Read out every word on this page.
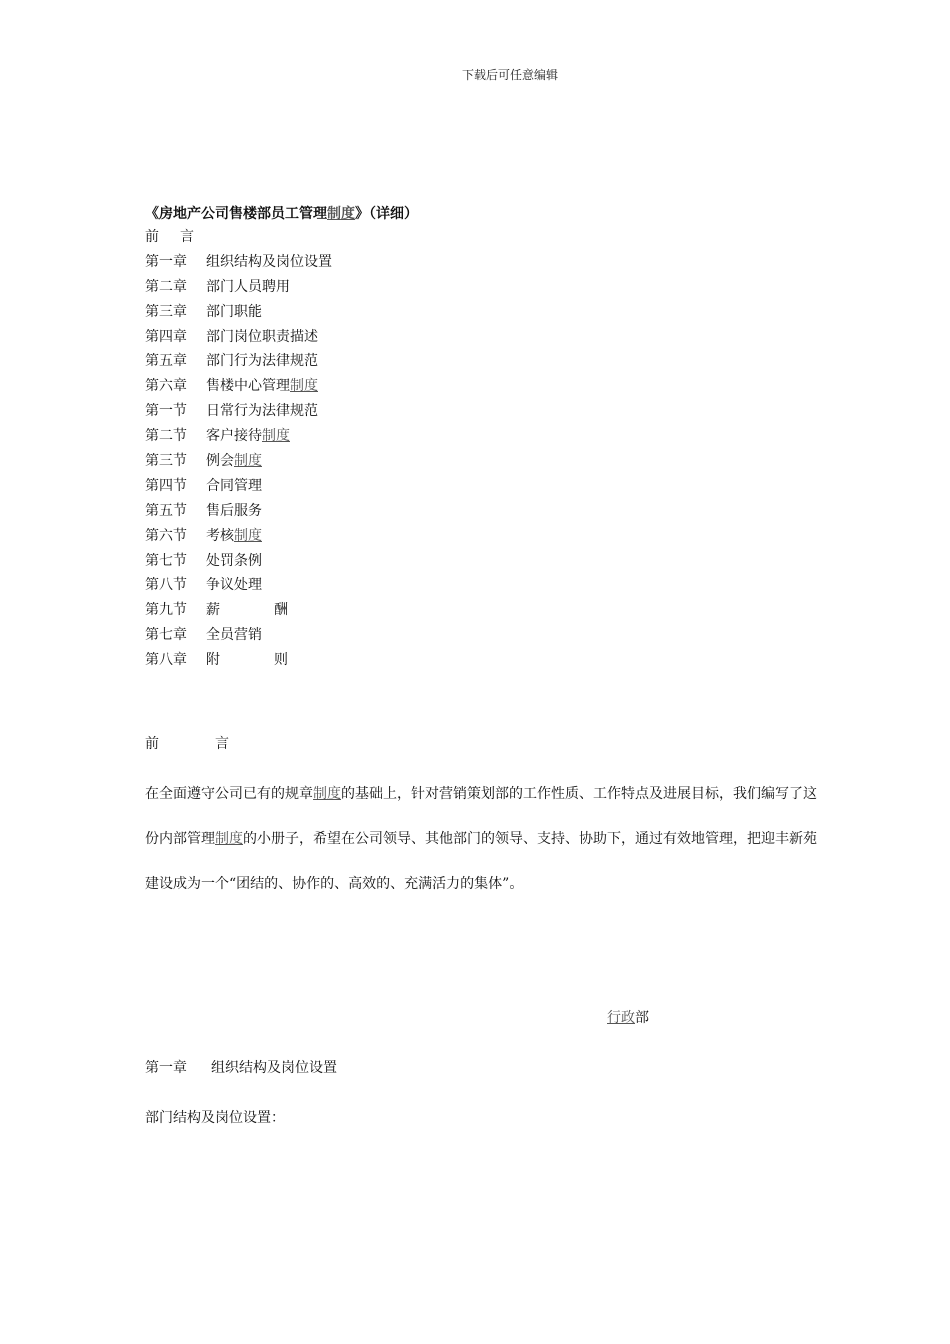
下载后可任意编辑
《房地产公司售楼部员工管理制度》（详细）
前 言
第一章 组织结构及岗位设置
第二章 部门人员聘用
第三章 部门职能
第四章 部门岗位职责描述
第五章 部门行为法律规范
第六章 售楼中心管理制度
第一节 日常行为法律规范
第二节 客户接待制度
第三节 例会制度
第四节 合同管理
第五节 售后服务
第六节 考核制度
第七节 处罚条例
第八节 争议处理
第九节 薪	酬
第七章 全员营销
第八章 附	则
前	言
在全面遵守公司已有的规章制度的基础上，针对营销策划部的工作性质、工作特点及进展目标，我们编写了这
份内部管理制度的小册子，希望在公司领导、其他部门的领导、支持、协助下，通过有效地管理，把迎丰新苑
建设成为一个“团结的、协作的、高效的、充满活力的集体”。
行政部
第一章 组织结构及岗位设置
部门结构及岗位设置：
